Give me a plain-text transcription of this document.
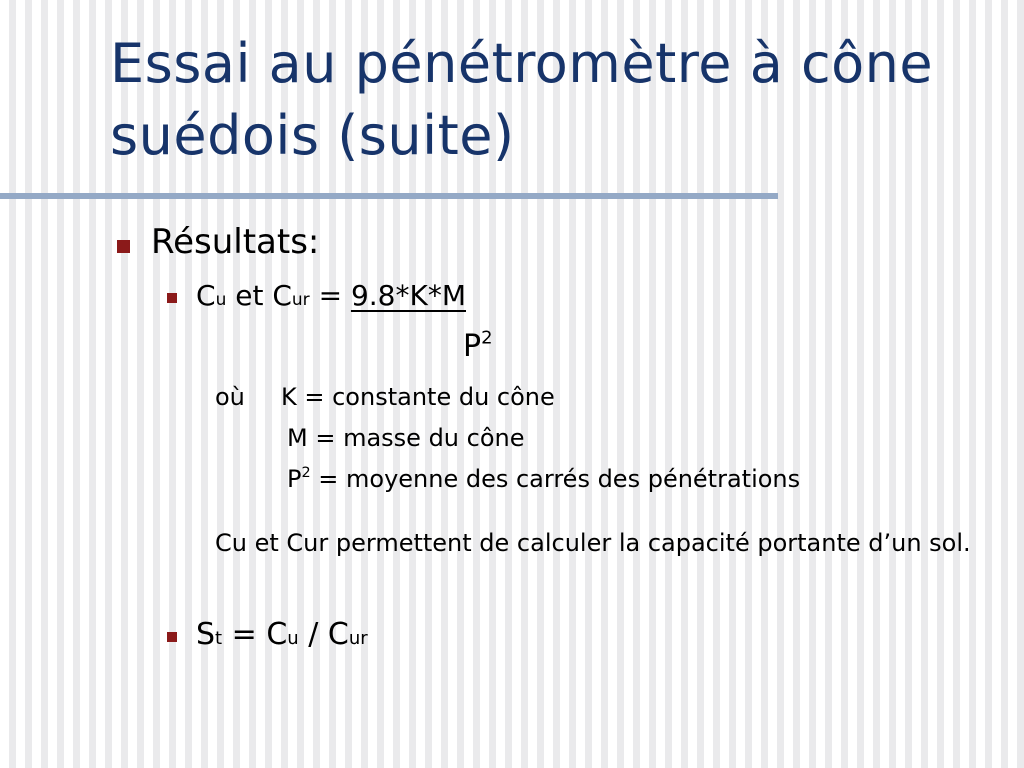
Essai au pénétromètre à cône suédois (suite)
Résultats:
Cu et Cur = 9.8*K*M
$P^2$
où K = constante du cône
M = masse du cône
$P^2$ = moyenne des carrés des pénétrations
Cu et Cur permettent de calculer la capacité portante d’un sol.
St = Cu / Cur
